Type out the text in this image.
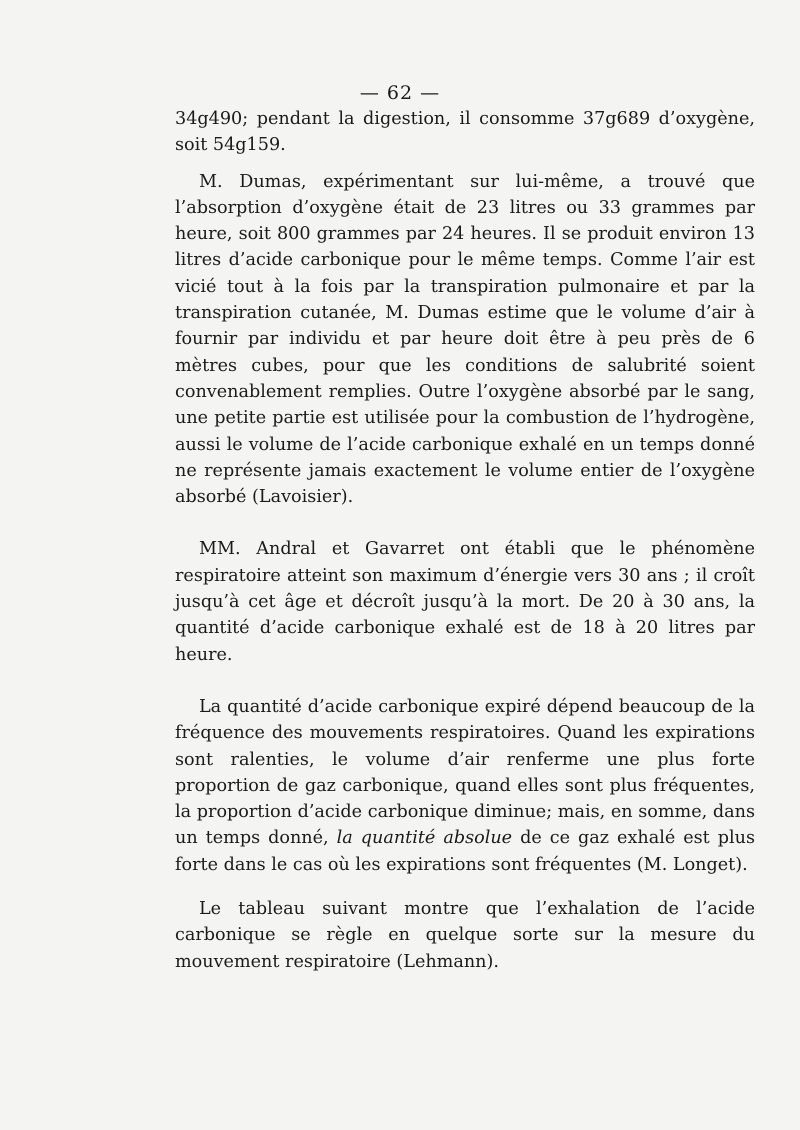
— 62 —

34g490; pendant la digestion, il consomme 37g689 d’oxygène, soit 54g159.

M. Dumas, expérimentant sur lui-même, a trouvé que l’absorption d’oxygène était de 23 litres ou 33 grammes par heure, soit 800 grammes par 24 heures. Il se produit environ 13 litres d’acide carbonique pour le même temps. Comme l’air est vicié tout à la fois par la transpiration pulmonaire et par la transpiration cutanée, M. Dumas estime que le volume d’air à fournir par individu et par heure doit être à peu près de 6 mètres cubes, pour que les conditions de salubrité soient convenablement remplies. Outre l’oxygène absorbé par le sang, une petite partie est utilisée pour la combustion de l’hydrogène, aussi le volume de l’acide carbonique exhalé en un temps donné ne représente jamais exactement le volume entier de l’oxygène absorbé (Lavoisier).

MM. Andral et Gavarret ont établi que le phénomène respiratoire atteint son maximum d’énergie vers 30 ans ; il croît jusqu’à cet âge et décroît jusqu’à la mort. De 20 à 30 ans, la quantité d’acide carbonique exhalé est de 18 à 20 litres par heure.

La quantité d’acide carbonique expiré dépend beaucoup de la fréquence des mouvements respiratoires. Quand les expirations sont ralenties, le volume d’air renferme une plus forte proportion de gaz carbonique, quand elles sont plus fréquentes, la proportion d’acide carbonique diminue; mais, en somme, dans un temps donné, la quantité absolue de ce gaz exhalé est plus forte dans le cas où les expirations sont fréquentes (M. Longet).

Le tableau suivant montre que l’exhalation de l’acide carbonique se règle en quelque sorte sur la mesure du mouvement respiratoire (Lehmann).
